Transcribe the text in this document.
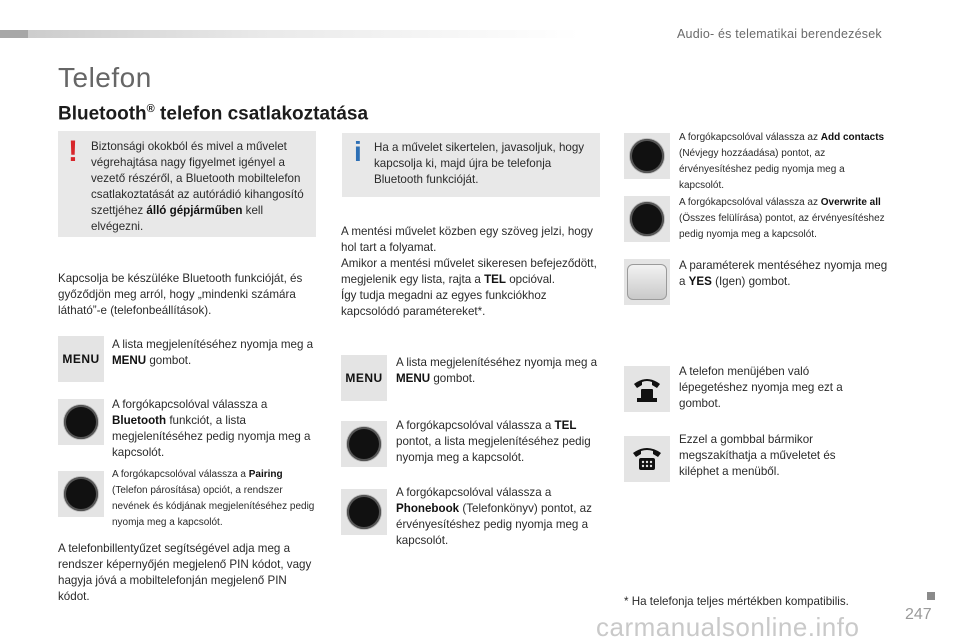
Audio- és telematikai berendezések
Telefon
Bluetooth® telefon csatlakoztatása
! Biztonsági okokból és mivel a művelet végrehajtása nagy figyelmet igényel a vezető részéről, a Bluetooth mobiltelefon csatlakoztatását az autórádió kihangosító szettjéhez álló gépjárműben kell elvégezni.
i Ha a művelet sikertelen, javasoljuk, hogy kapcsolja ki, majd újra be telefonja Bluetooth funkcióját.
Kapcsolja be készüléke Bluetooth funkcióját, és győződjön meg arról, hogy „mindenki számára látható”-e (telefonbeállítások).
MENU
A lista megjelenítéséhez nyomja meg a MENU gombot.
A forgókapcsolóval válassza a Bluetooth funkciót, a lista megjelenítéséhez pedig nyomja meg a kapcsolót.
A forgókapcsolóval válassza a Pairing (Telefon párosítása) opciót, a rendszer nevének és kódjának megjelenítéséhez pedig nyomja meg a kapcsolót.
A telefonbillentyűzet segítségével adja meg a rendszer képernyőjén megjelenő PIN kódot, vagy hagyja jóvá a mobiltelefonján megjelenő PIN kódot.
A mentési művelet közben egy szöveg jelzi, hogy hol tart a folyamat.
Amikor a mentési művelet sikeresen befejeződött, megjelenik egy lista, rajta a TEL opcióval.
Így tudja megadni az egyes funkciókhoz kapcsolódó paramétereket*.
MENU
A lista megjelenítéséhez nyomja meg a MENU gombot.
A forgókapcsolóval válassza a TEL pontot, a lista megjelenítéséhez pedig nyomja meg a kapcsolót.
A forgókapcsolóval válassza a Phonebook (Telefonkönyv) pontot, az érvényesítéshez pedig nyomja meg a kapcsolót.
A forgókapcsolóval válassza az Add contacts (Névjegy hozzáadása) pontot, az érvényesítéshez pedig nyomja meg a kapcsolót.
A forgókapcsolóval válassza az Overwrite all (Összes felülírása) pontot, az érvényesítéshez pedig nyomja meg a kapcsolót.
A paraméterek mentéséhez nyomja meg a YES (Igen) gombot.
A telefon menüjében való lépegetéshez nyomja meg ezt a gombot.
Ezzel a gombbal bármikor megszakíthatja a műveletet és kiléphet a menüből.
* Ha telefonja teljes mértékben kompatibilis.
247
carmanualsonline.info
